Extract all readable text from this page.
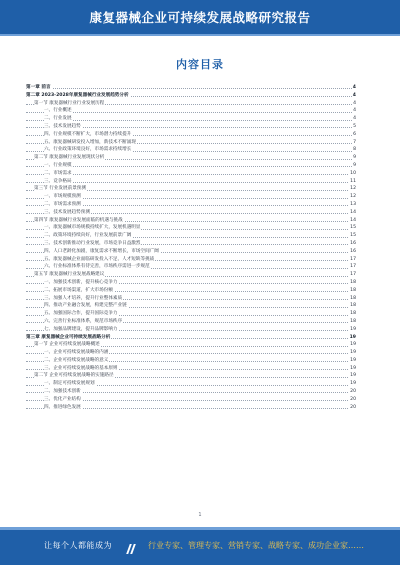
康复器械企业可持续发展战略研究报告
内容目录
第一章 前言	4
第二章 2023-2028年康复器械行业发展趋势分析	4
第一节 康复器械行业行业发展历程	4
一、行业概述	4
二、行业发展	4
三、技术发展趋势	5
四、行业规模不断扩大，市场潜力持续提升	6
五、康复器械研发投入增加，新技术不断涌现	7
六、行业政策环境良好，市场需求持续增长	8
第二节 康复器械行业发展现状分析	9
一、行业规模	9
二、市场需求	10
三、竞争格局	11
第三节 行业发展前景预测	12
一、市场规模预测	12
二、市场需求预测	13
三、技术发展趋势预测	14
第四节 康复器械行业发展面临的机遇与挑战	14
一、康复器械市场规模持续扩大，发展机遇明显	15
二、政策环境持续向好，行业发展前景广阔	15
三、技术创新推动行业发展，市场竞争日益激烈	16
四、人口老龄化加剧，康复需求不断增长，市场空间广阔	16
五、康复器械企业面临研发投入不足、人才短缺等挑战	17
六、行业标准体系有待完善，市场秩序需进一步规范	17
第五节 康复器械行业发展战略建议	17
一、加强技术创新，提升核心竞争力	18
二、拓展市场渠道，扩大市场份额	18
三、加强人才培养，提升行业整体素质	18
四、推动产业融合发展，构建完整产业链	18
五、加强国际合作，提升国际竞争力	18
六、完善行业标准体系，规范市场秩序	18
七、加强品牌建设，提升品牌影响力	19
第三章 康复器械企业可持续发展战略分析	19
第一节 企业可持续发展战略概述	19
一、企业可持续发展战略的内涵	19
二、企业可持续发展战略的意义	19
三、企业可持续发展战略的基本原则	19
第二节 企业可持续发展战略的实施路径	19
一、制定可持续发展规划	19
二、加强技术创新	20
三、优化产业结构	20
四、推进绿色发展	20
1
让每个人都能成为	行业专家、管理专家、营销专家、战略专家、成功企业家……
